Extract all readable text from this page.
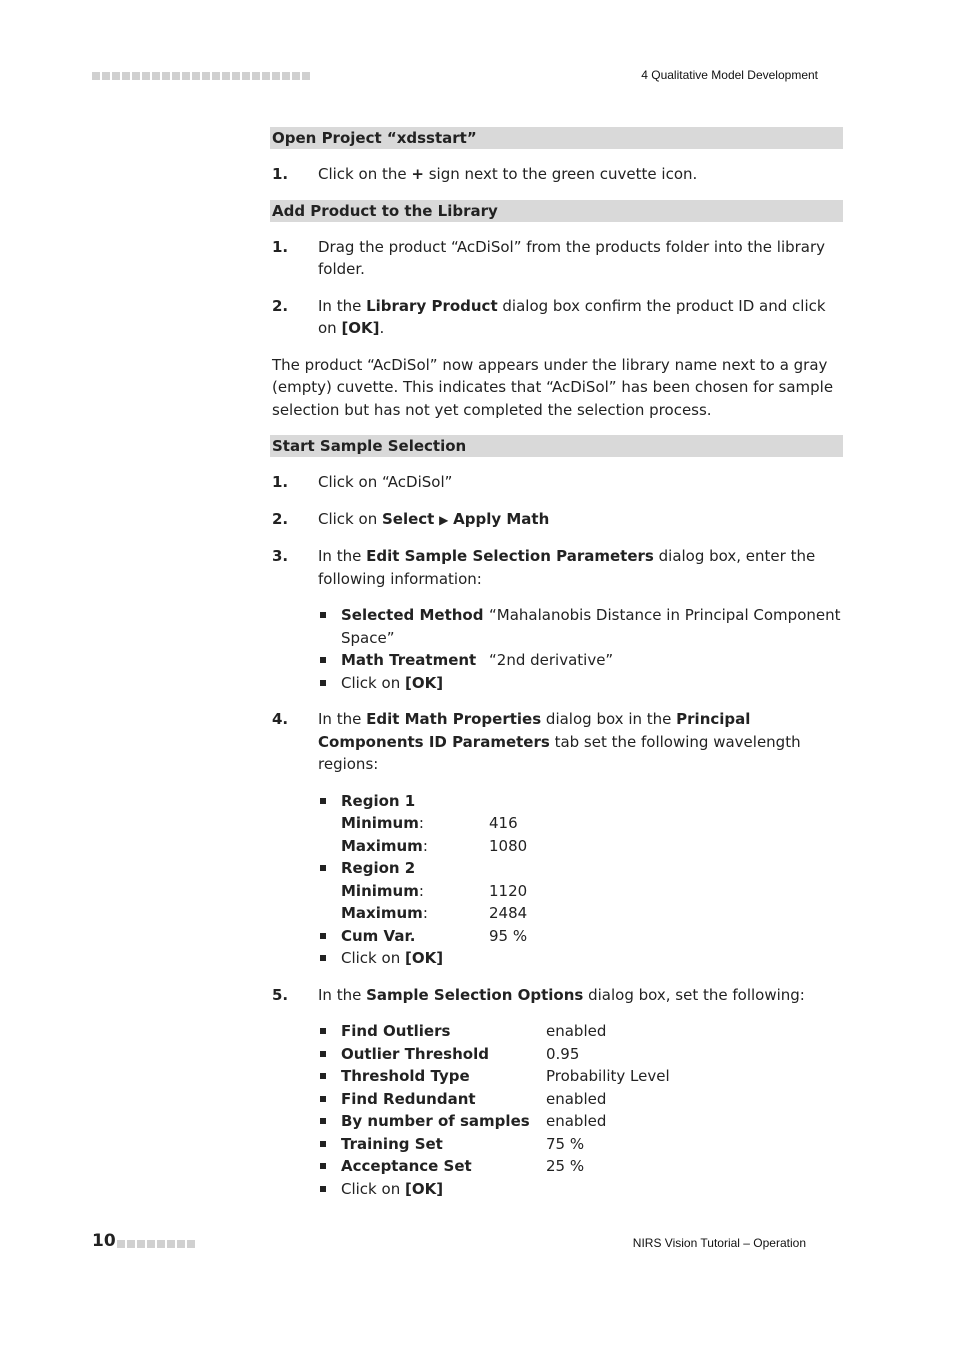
4 Qualitative Model Development
Open Project “xdsstart”
1.	Click on the + sign next to the green cuvette icon.
Add Product to the Library
1.	Drag the product “AcDiSol” from the products folder into the library folder.
2.	In the Library Product dialog box confirm the product ID and click on [OK].
The product “AcDiSol” now appears under the library name next to a gray (empty) cuvette. This indicates that “AcDiSol” has been chosen for sample selection but has not yet completed the selection process.
Start Sample Selection
1.	Click on “AcDiSol”
2.	Click on Select ▶ Apply Math
3.	In the Edit Sample Selection Parameters dialog box, enter the following information:
Selected Method “Mahalanobis Distance in Principal Component Space”
Math Treatment “2nd derivative”
Click on [OK]
4.	In the Edit Math Properties dialog box in the Principal Components ID Parameters tab set the following wavelength regions:
Region 1
Minimum:	416
Maximum:	1080
Region 2
Minimum:	1120
Maximum:	2484
Cum Var.	95 %
Click on [OK]
5.	In the Sample Selection Options dialog box, set the following:
Find Outliers	enabled
Outlier Threshold	0.95
Threshold Type	Probability Level
Find Redundant	enabled
By number of samples enabled
Training Set	75 %
Acceptance Set	25 %
Click on [OK]
10	NIRS Vision Tutorial – Operation
